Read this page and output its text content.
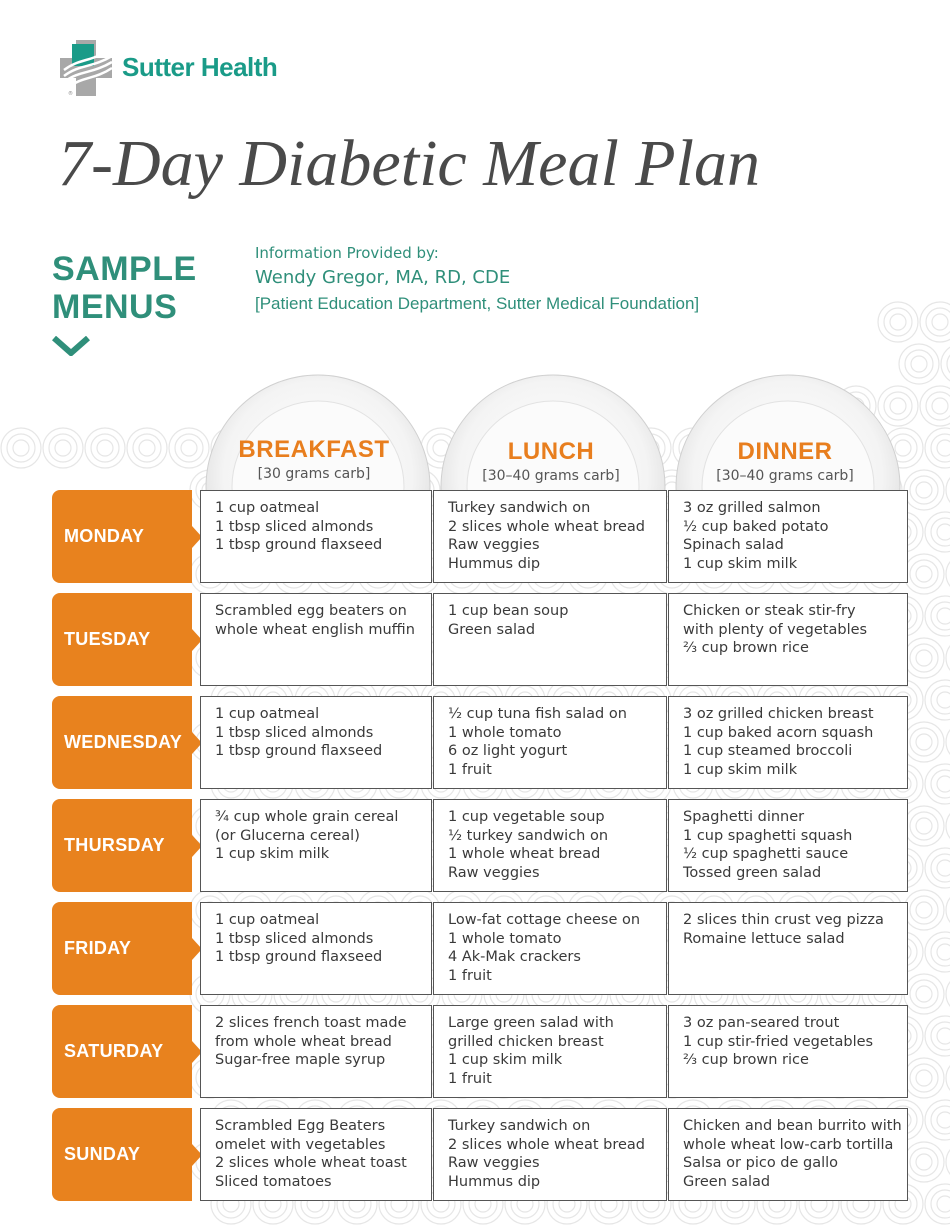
®
Sutter Health
7-Day Diabetic Meal Plan
SAMPLE
MENUS
Information Provided by:
Wendy Gregor, MA, RD, CDE
[Patient Education Department, Sutter Medical Foundation]
BREAKFAST
[30 grams carb]
LUNCH
[30–40 grams carb]
DINNER
[30–40 grams carb]
MONDAY
1 cup oatmeal
1 tbsp sliced almonds
1 tbsp ground flaxseed
Turkey sandwich on
2 slices whole wheat bread
Raw veggies
Hummus dip
3 oz grilled salmon
½ cup baked potato
Spinach salad
1 cup skim milk
TUESDAY
Scrambled egg beaters on
whole wheat english muffin
1 cup bean soup
Green salad
Chicken or steak stir-fry
with plenty of vegetables
⅔ cup brown rice
WEDNESDAY
1 cup oatmeal
1 tbsp sliced almonds
1 tbsp ground flaxseed
½ cup tuna fish salad on
1 whole tomato
6 oz light yogurt
1 fruit
3 oz grilled chicken breast
1 cup baked acorn squash
1 cup steamed broccoli
1 cup skim milk
THURSDAY
¾ cup whole grain cereal
(or Glucerna cereal)
1 cup skim milk
1 cup vegetable soup
½ turkey sandwich on
1 whole wheat bread
Raw veggies
Spaghetti dinner
1 cup spaghetti squash
½ cup spaghetti sauce
Tossed green salad
FRIDAY
1 cup oatmeal
1 tbsp sliced almonds
1 tbsp ground flaxseed
Low-fat cottage cheese on
1 whole tomato
4 Ak-Mak crackers
1 fruit
2 slices thin crust veg pizza
Romaine lettuce salad
SATURDAY
2 slices french toast made
from whole wheat bread
Sugar-free maple syrup
Large green salad with
grilled chicken breast
1 cup skim milk
1 fruit
3 oz pan-seared trout
1 cup stir-fried vegetables
⅔ cup brown rice
SUNDAY
Scrambled Egg Beaters
omelet with vegetables
2 slices whole wheat toast
Sliced tomatoes
Turkey sandwich on
2 slices whole wheat bread
Raw veggies
Hummus dip
Chicken and bean burrito with
whole wheat low-carb tortilla
Salsa or pico de gallo
Green salad
